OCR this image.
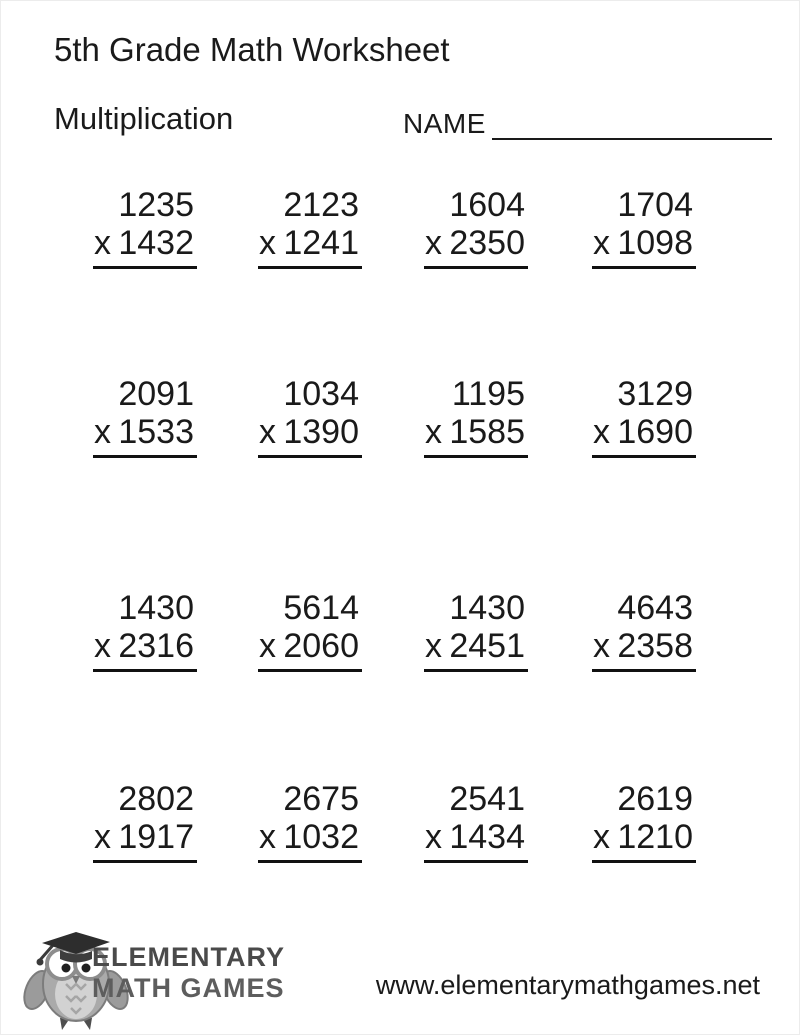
5th Grade Math Worksheet
Multiplication	NAME
1235
x 1432
2123
x 1241
1604
x 2350
1704
x 1098
2091
x 1533
1034
x 1390
1195
x 1585
3129
x 1690
1430
x 2316
5614
x 2060
1430
x 2451
4643
x 2358
2802
x 1917
2675
x 1032
2541
x 1434
2619
x 1210
ELEMENTARY
MATH GAMES	www.elementarymathgames.net
